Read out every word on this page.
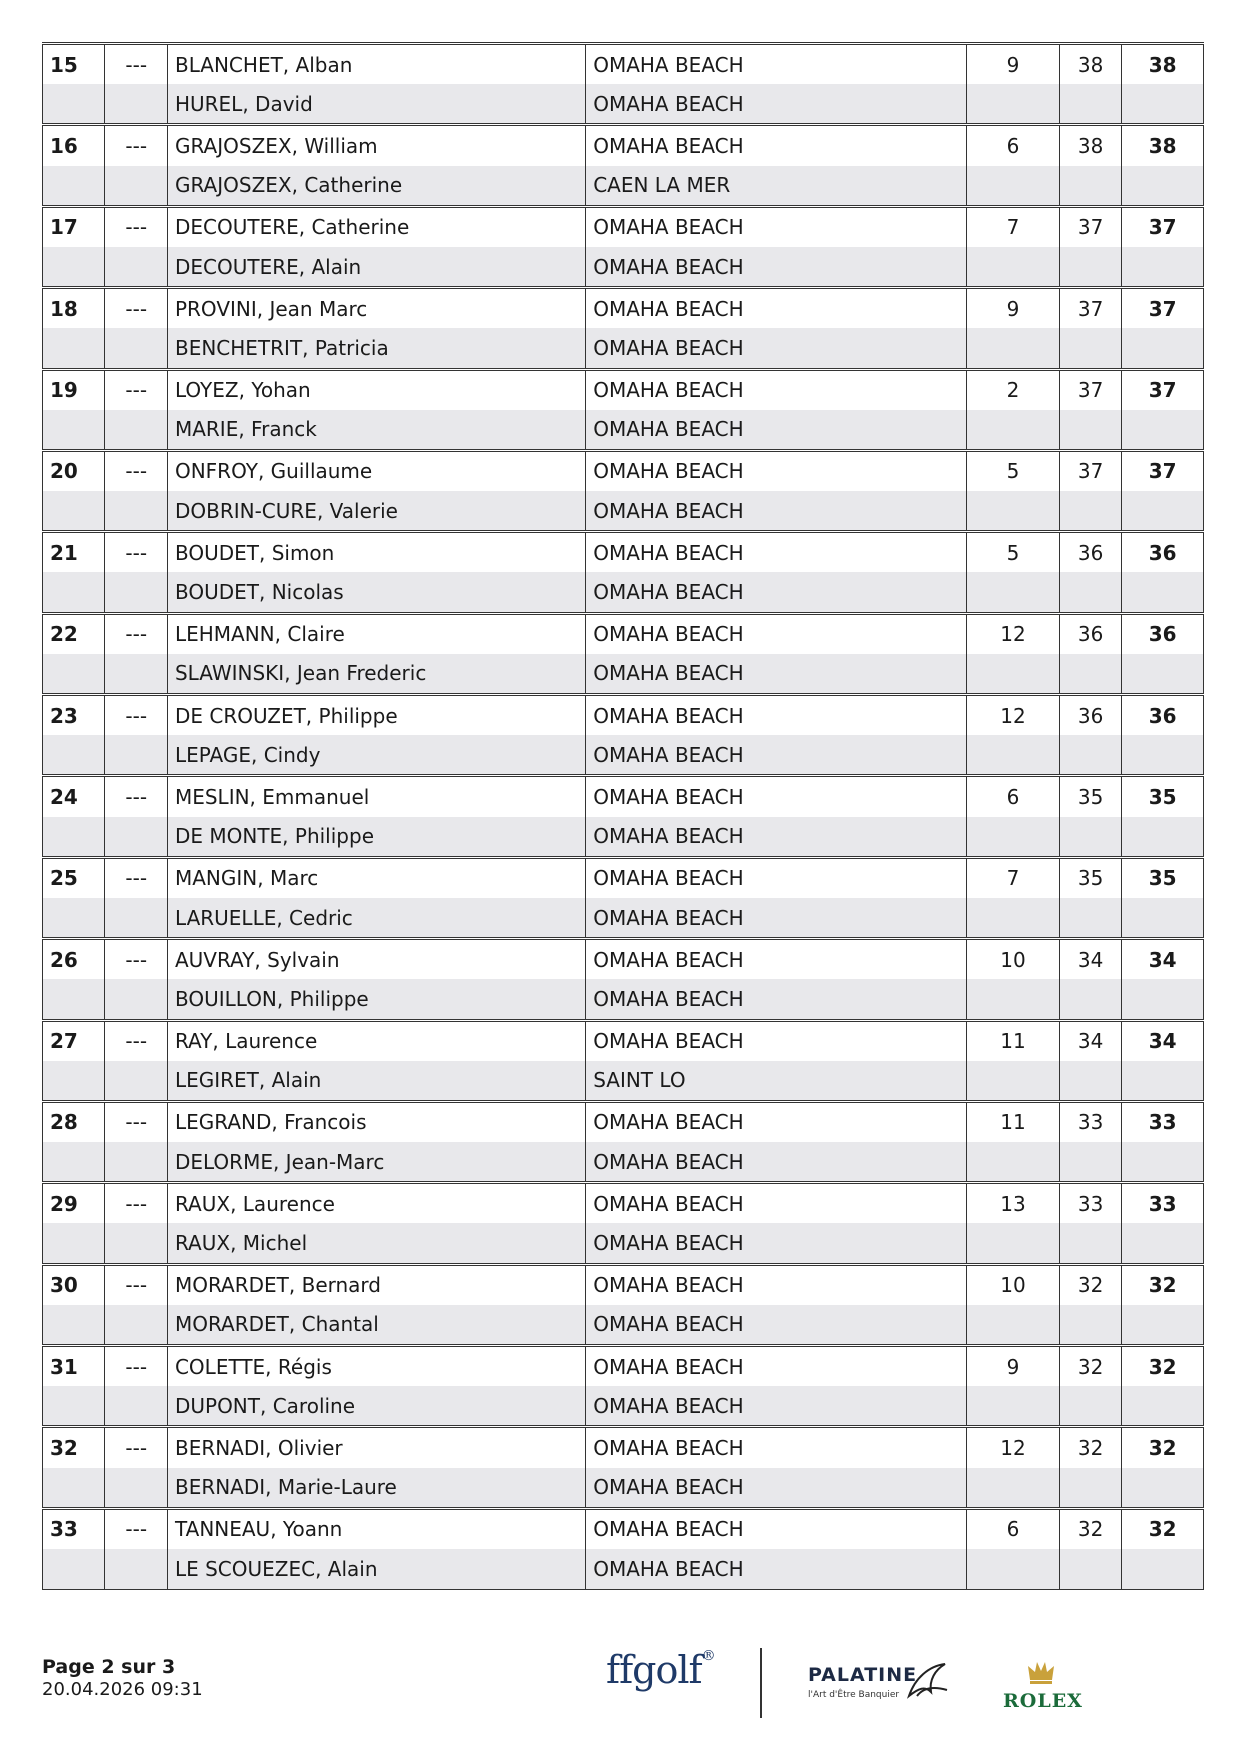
15	---	BLANCHET, Alban	OMAHA BEACH	9	38	38
		HUREL, David	OMAHA BEACH			
16	---	GRAJOSZEX, William	OMAHA BEACH	6	38	38
		GRAJOSZEX, Catherine	CAEN LA MER			
17	---	DECOUTERE, Catherine	OMAHA BEACH	7	37	37
		DECOUTERE, Alain	OMAHA BEACH			
18	---	PROVINI, Jean Marc	OMAHA BEACH	9	37	37
		BENCHETRIT, Patricia	OMAHA BEACH			
19	---	LOYEZ, Yohan	OMAHA BEACH	2	37	37
		MARIE, Franck	OMAHA BEACH			
20	---	ONFROY, Guillaume	OMAHA BEACH	5	37	37
		DOBRIN-CURE, Valerie	OMAHA BEACH			
21	---	BOUDET, Simon	OMAHA BEACH	5	36	36
		BOUDET, Nicolas	OMAHA BEACH			
22	---	LEHMANN, Claire	OMAHA BEACH	12	36	36
		SLAWINSKI, Jean Frederic	OMAHA BEACH			
23	---	DE CROUZET, Philippe	OMAHA BEACH	12	36	36
		LEPAGE, Cindy	OMAHA BEACH			
24	---	MESLIN, Emmanuel	OMAHA BEACH	6	35	35
		DE MONTE, Philippe	OMAHA BEACH			
25	---	MANGIN, Marc	OMAHA BEACH	7	35	35
		LARUELLE, Cedric	OMAHA BEACH			
26	---	AUVRAY, Sylvain	OMAHA BEACH	10	34	34
		BOUILLON, Philippe	OMAHA BEACH			
27	---	RAY, Laurence	OMAHA BEACH	11	34	34
		LEGIRET, Alain	SAINT LO			
28	---	LEGRAND, Francois	OMAHA BEACH	11	33	33
		DELORME, Jean-Marc	OMAHA BEACH			
29	---	RAUX, Laurence	OMAHA BEACH	13	33	33
		RAUX, Michel	OMAHA BEACH			
30	---	MORARDET, Bernard	OMAHA BEACH	10	32	32
		MORARDET, Chantal	OMAHA BEACH			
31	---	COLETTE, Régis	OMAHA BEACH	9	32	32
		DUPONT, Caroline	OMAHA BEACH			
32	---	BERNADI, Olivier	OMAHA BEACH	12	32	32
		BERNADI, Marie-Laure	OMAHA BEACH			
33	---	TANNEAU, Yoann	OMAHA BEACH	6	32	32
		LE SCOUEZEC, Alain	OMAHA BEACH			
Page 2 sur 3
20.04.2026 09:31	ffgolf®
PALATINE
l'Art d'Être Banquier	ROLEX
